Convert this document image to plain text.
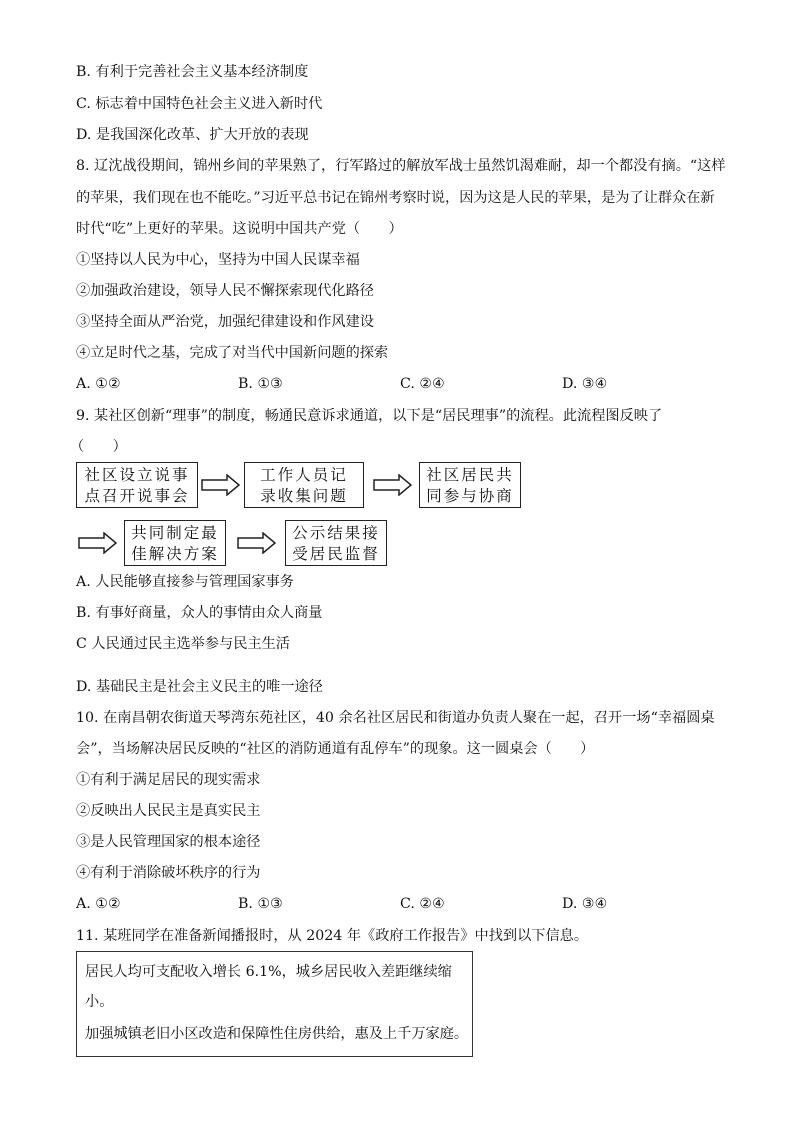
B. 有利于完善社会主义基本经济制度
C. 标志着中国特色社会主义进入新时代
D. 是我国深化改革、扩大开放的表现
8. 辽沈战役期间，锦州乡间的苹果熟了，行军路过的解放军战士虽然饥渴难耐，却一个都没有摘。“这样
的苹果，我们现在也不能吃。”习近平总书记在锦州考察时说，因为这是人民的苹果，是为了让群众在新
时代“吃”上更好的苹果。这说明中国共产党（　　）
①坚持以人民为中心，坚持为中国人民谋幸福
②加强政治建设，领导人民不懈探索现代化路径
③坚持全面从严治党，加强纪律建设和作风建设
④立足时代之基，完成了对当代中国新问题的探索
A. ①②	B. ①③	C. ②④	D. ③④
9. 某社区创新“理事”的制度，畅通民意诉求通道，以下是“居民理事”的流程。此流程图反映了
（　　）
社区设立说事
点召开说事会
工作人员记
录收集问题
社区居民共
同参与协商
共同制定最
佳解决方案
公示结果接
受居民监督
A. 人民能够直接参与管理国家事务
B. 有事好商量，众人的事情由众人商量
C 人民通过民主选举参与民主生活
D. 基础民主是社会主义民主的唯一途径
10. 在南昌朝农街道天琴湾东苑社区，40 余名社区居民和街道办负责人聚在一起，召开一场“幸福圆桌
会”，当场解决居民反映的“社区的消防通道有乱停车”的现象。这一圆桌会（　　）
①有利于满足居民的现实需求
②反映出人民民主是真实民主
③是人民管理国家的根本途径
④有利于消除破坏秩序的行为
A. ①②	B. ①③	C. ②④	D. ③④
11. 某班同学在准备新闻播报时，从 2024 年《政府工作报告》中找到以下信息。
居民人均可支配收入增长 6.1%，城乡居民收入差距继续缩
小。
加强城镇老旧小区改造和保障性住房供给，惠及上千万家庭。
